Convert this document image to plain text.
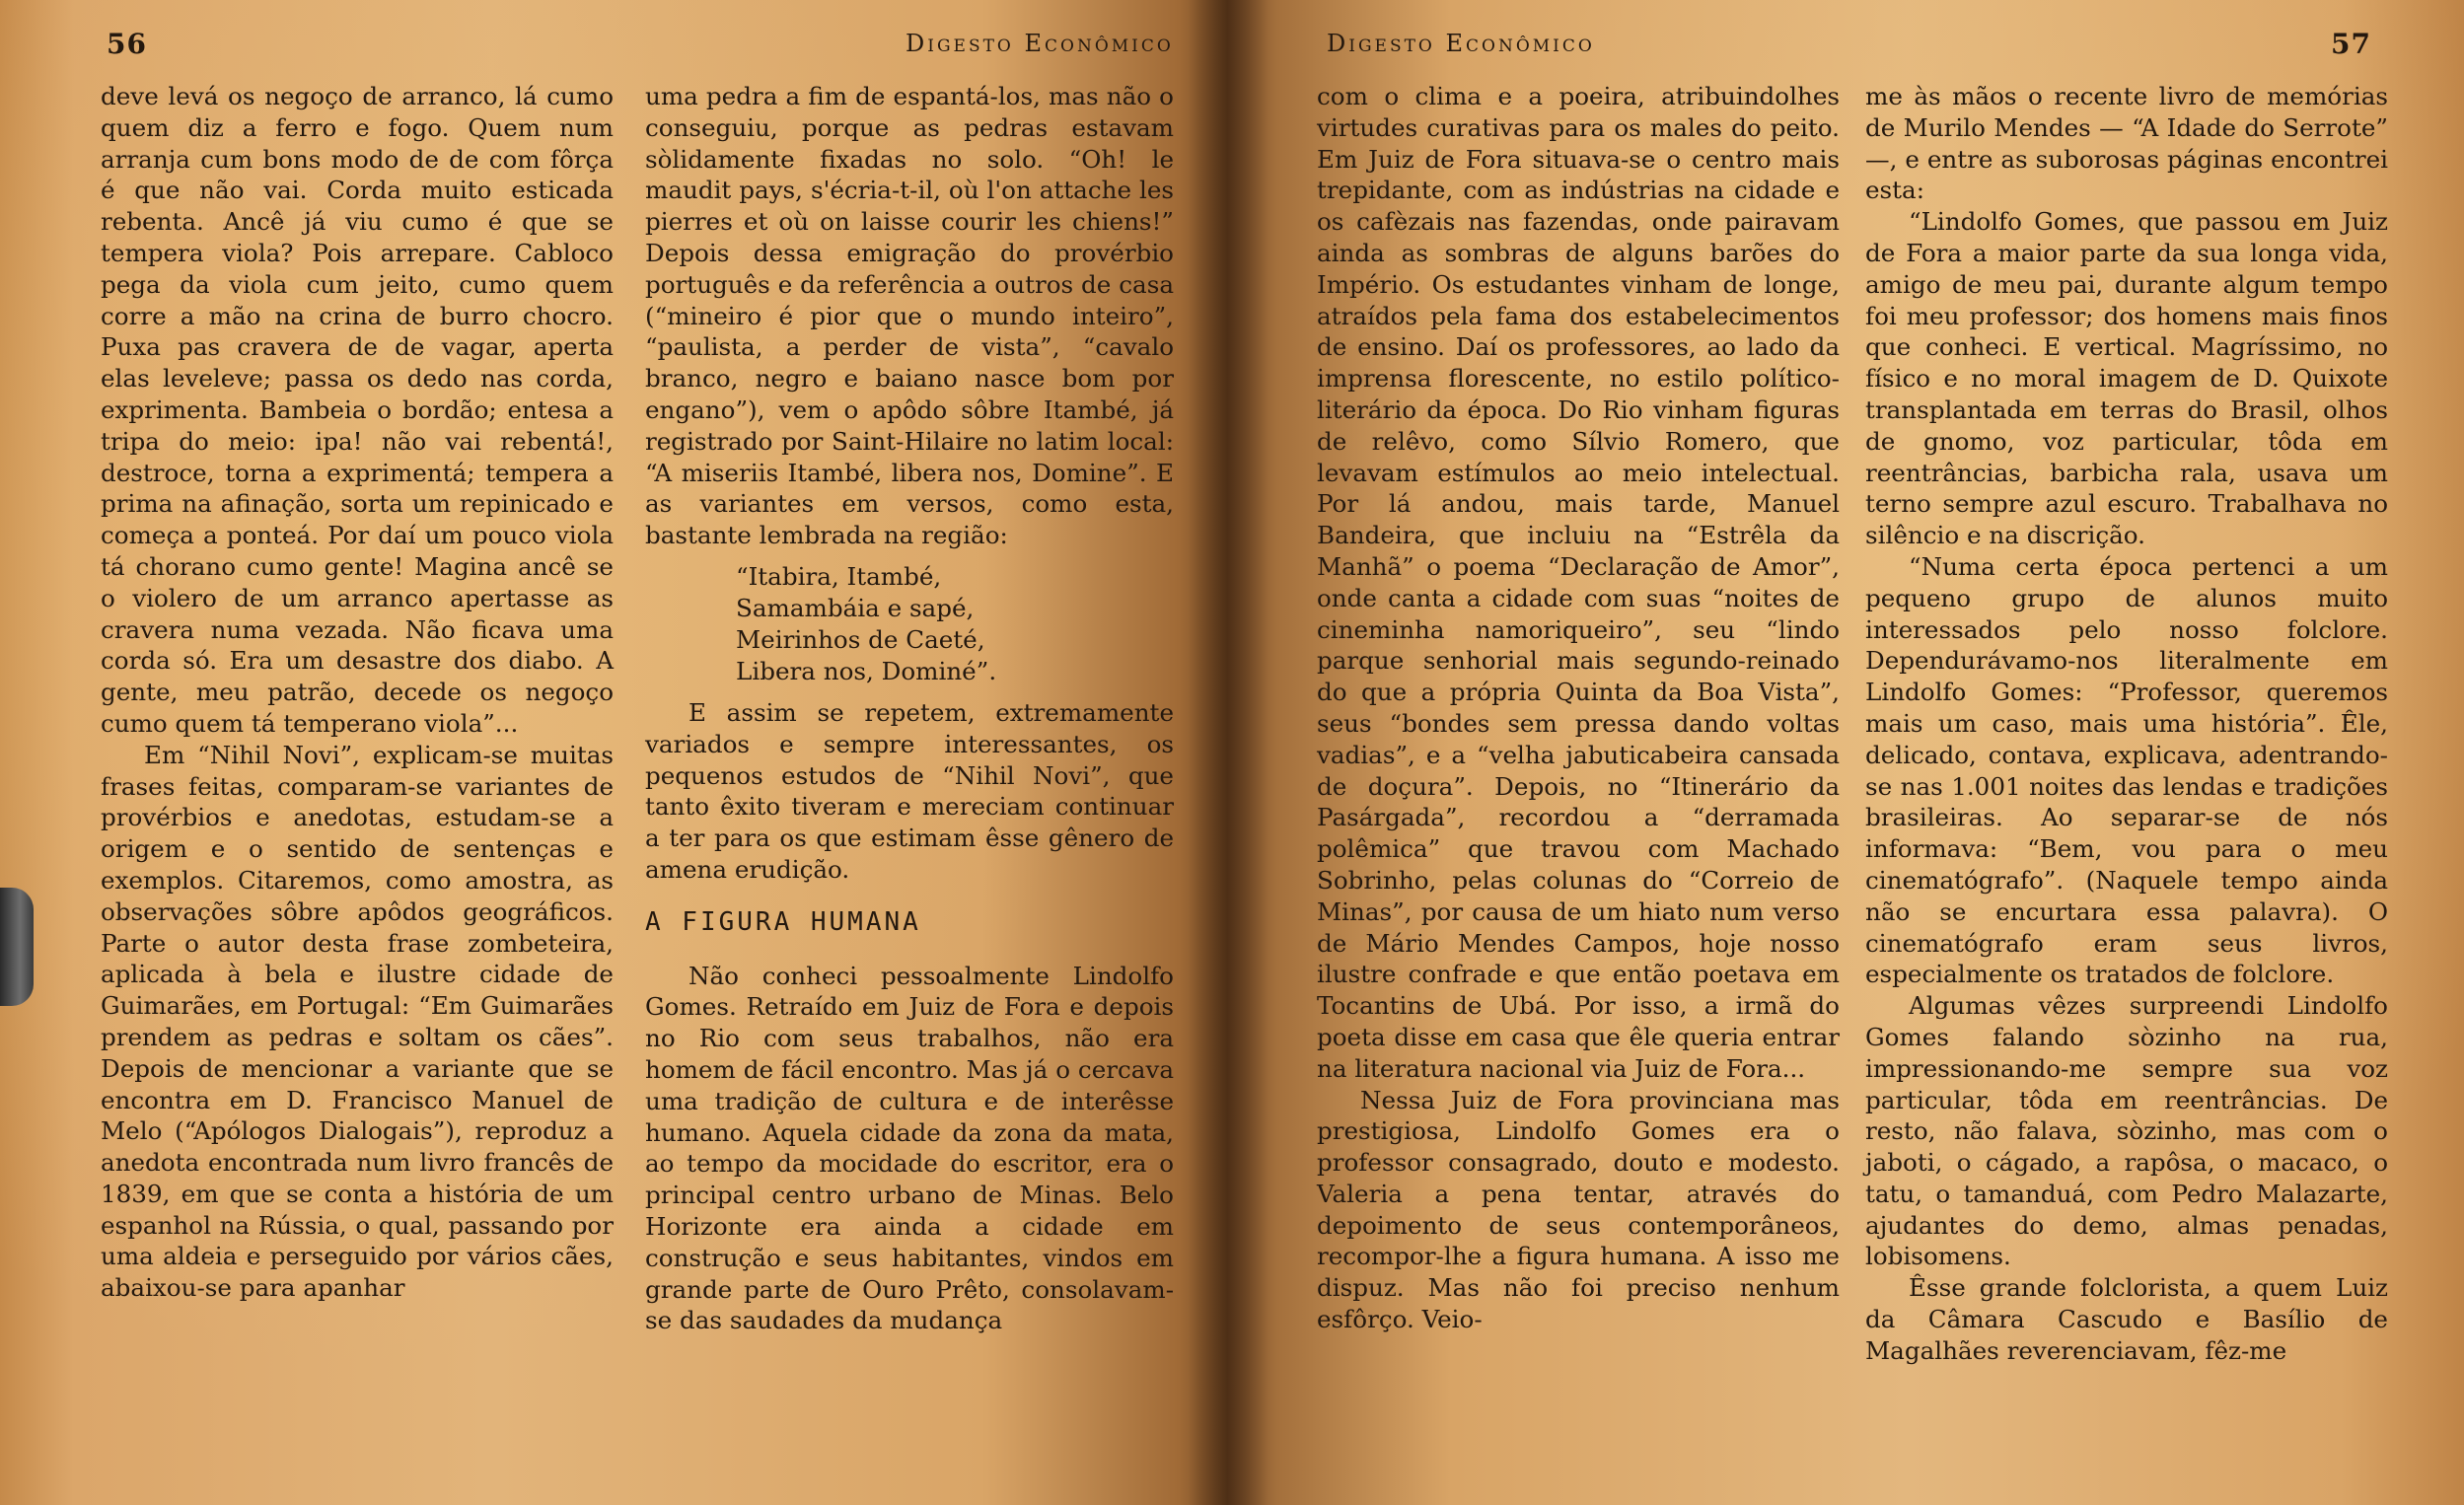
56	Digesto Econômico

deve levá os negoço de arranco, lá cumo quem diz a ferro e fogo. Quem num arranja cum bons modo de de com fôrça é que não vai. Corda muito esticada rebenta. Ancê já viu cumo é que se tempera viola? Pois arrepare. Cabloco pega da viola cum jeito, cumo quem corre a mão na crina de burro chocro. Puxa pas cravera de de vagar, aperta elas leveleve; passa os dedo nas corda, exprimenta. Bambeia o bordão; entesa a tripa do meio: ipa! não vai rebentá!, destroce, torna a exprimentá; tempera a prima na afinação, sorta um repinicado e começa a ponteá. Por daí um pouco viola tá chorano cumo gente! Magina ancê se o violero de um arranco apertasse as cravera numa vezada. Não ficava uma corda só. Era um desastre dos diabo. A gente, meu patrão, decede os negoço cumo quem tá temperano viola”...

Em “Nihil Novi”, explicam-se muitas frases feitas, comparam-se variantes de provérbios e anedotas, estudam-se a origem e o sentido de sentenças e exemplos. Citaremos, como amostra, as observações sôbre apôdos geográficos. Parte o autor desta frase zombeteira, aplicada à bela e ilustre cidade de Guimarães, em Portugal: “Em Guimarães prendem as pedras e soltam os cães”. Depois de mencionar a variante que se encontra em D. Francisco Manuel de Melo (“Apólogos Dialogais”), reproduz a anedota encontrada num livro francês de 1839, em que se conta a história de um espanhol na Rússia, o qual, passando por uma aldeia e perseguido por vários cães, abaixou-se para apanhar

uma pedra a fim de espantá-los, mas não o conseguiu, porque as pedras estavam sòlidamente fixadas no solo. “Oh! le maudit pays, s'écria-t-il, où l'on attache les pierres et où on laisse courir les chiens!” Depois dessa emigração do provérbio português e da referência a outros de casa (“mineiro é pior que o mundo inteiro”, “paulista, a perder de vista”, “cavalo branco, negro e baiano nasce bom por engano”), vem o apôdo sôbre Itambé, já registrado por Saint-Hilaire no latim local: “A miseriis Itambé, libera nos, Domine”. E as variantes em versos, como esta, bastante lembrada na região:

“Itabira, Itambé,
Samambáia e sapé,
Meirinhos de Caeté,
Libera nos, Dominé”.

E assim se repetem, extremamente variados e sempre interessantes, os pequenos estudos de “Nihil Novi”, que tanto êxito tiveram e mereciam continuar a ter para os que estimam êsse gênero de amena erudição.

A FIGURA HUMANA

Não conheci pessoalmente Lindolfo Gomes. Retraído em Juiz de Fora e depois no Rio com seus trabalhos, não era homem de fácil encontro. Mas já o cercava uma tradição de cultura e de interêsse humano. Aquela cidade da zona da mata, ao tempo da mocidade do escritor, era o principal centro urbano de Minas. Belo Horizonte era ainda a cidade em construção e seus habitantes, vindos em grande parte de Ouro Prêto, consolavam-se das saudades da mudança

Digesto Econômico	57

com o clima e a poeira, atribuindolhes virtudes curativas para os males do peito. Em Juiz de Fora situava-se o centro mais trepidante, com as indústrias na cidade e os cafèzais nas fazendas, onde pairavam ainda as sombras de alguns barões do Império. Os estudantes vinham de longe, atraídos pela fama dos estabelecimentos de ensino. Daí os professores, ao lado da imprensa florescente, no estilo político-literário da época. Do Rio vinham figuras de relêvo, como Sílvio Romero, que levavam estímulos ao meio intelectual. Por lá andou, mais tarde, Manuel Bandeira, que incluiu na “Estrêla da Manhã” o poema “Declaração de Amor”, onde canta a cidade com suas “noites de cineminha namoriqueiro”, seu “lindo parque senhorial mais segundo-reinado do que a própria Quinta da Boa Vista”, seus “bondes sem pressa dando voltas vadias”, e a “velha jabuticabeira cansada de doçura”. Depois, no “Itinerário da Pasárgada”, recordou a “derramada polêmica” que travou com Machado Sobrinho, pelas colunas do “Correio de Minas”, por causa de um hiato num verso de Mário Mendes Campos, hoje nosso ilustre confrade e que então poetava em Tocantins de Ubá. Por isso, a irmã do poeta disse em casa que êle queria entrar na literatura nacional via Juiz de Fora...

Nessa Juiz de Fora provinciana mas prestigiosa, Lindolfo Gomes era o professor consagrado, douto e modesto. Valeria a pena tentar, através do depoimento de seus contemporâneos, recompor-lhe a figura humana. A isso me dispuz. Mas não foi preciso nenhum esfôrço. Veio-

me às mãos o recente livro de memórias de Murilo Mendes — “A Idade do Serrote” —, e entre as suborosas páginas encontrei esta:

“Lindolfo Gomes, que passou em Juiz de Fora a maior parte da sua longa vida, amigo de meu pai, durante algum tempo foi meu professor; dos homens mais finos que conheci. E vertical. Magríssimo, no físico e no moral imagem de D. Quixote transplantada em terras do Brasil, olhos de gnomo, voz particular, tôda em reentrâncias, barbicha rala, usava um terno sempre azul escuro. Trabalhava no silêncio e na discrição.

“Numa certa época pertenci a um pequeno grupo de alunos muito interessados pelo nosso folclore. Dependurávamo-nos literalmente em Lindolfo Gomes: “Professor, queremos mais um caso, mais uma história”. Êle, delicado, contava, explicava, adentrando-se nas 1.001 noites das lendas e tradições brasileiras. Ao separar-se de nós informava: “Bem, vou para o meu cinematógrafo”. (Naquele tempo ainda não se encurtara essa palavra). O cinematógrafo eram seus livros, especialmente os tratados de folclore.

Algumas vêzes surpreendi Lindolfo Gomes falando sòzinho na rua, impressionando-me sempre sua voz particular, tôda em reentrâncias. De resto, não falava, sòzinho, mas com o jaboti, o cágado, a rapôsa, o macaco, o tatu, o tamanduá, com Pedro Malazarte, ajudantes do demo, almas penadas, lobisomens.

Êsse grande folclorista, a quem Luiz da Câmara Cascudo e Basílio de Magalhães reverenciavam, fêz-me
